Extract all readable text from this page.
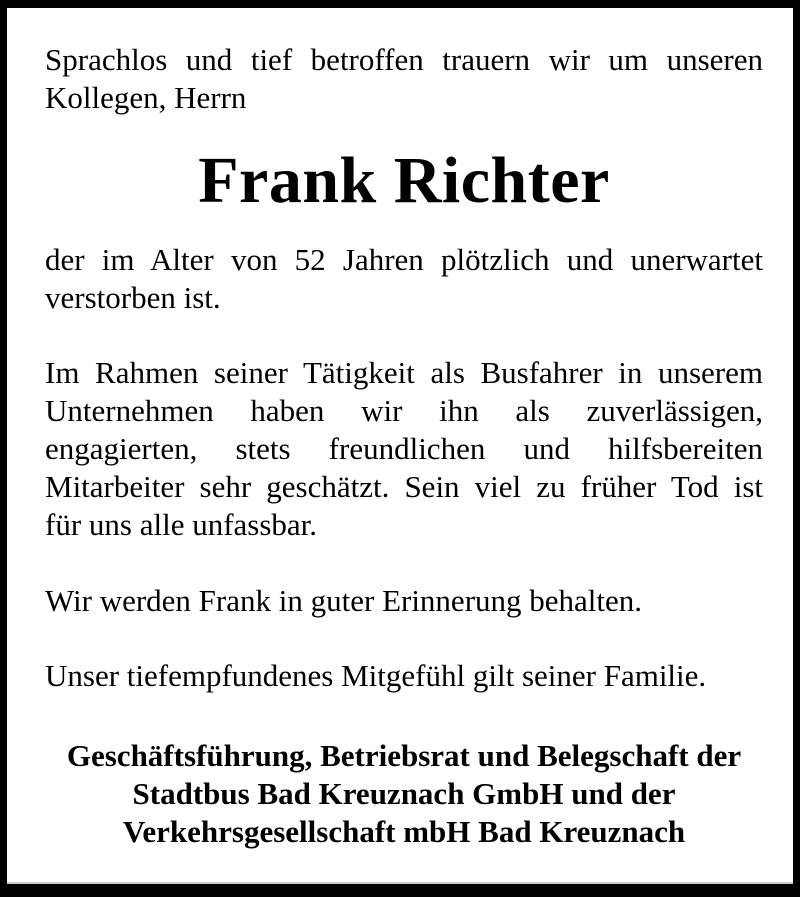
Sprachlos und tief betroffen trauern wir um unseren
Kollegen, Herrn

Frank Richter

der im Alter von 52 Jahren plötzlich und unerwartet
verstorben ist.

Im Rahmen seiner Tätigkeit als Busfahrer in unserem
Unternehmen haben wir ihn als zuverlässigen,
engagierten, stets freundlichen und hilfsbereiten
Mitarbeiter sehr geschätzt. Sein viel zu früher Tod ist
für uns alle unfassbar.

Wir werden Frank in guter Erinnerung behalten.

Unser tiefempfundenes Mitgefühl gilt seiner Familie.

Geschäftsführung, Betriebsrat und Belegschaft der
Stadtbus Bad Kreuznach GmbH und der
Verkehrsgesellschaft mbH Bad Kreuznach
